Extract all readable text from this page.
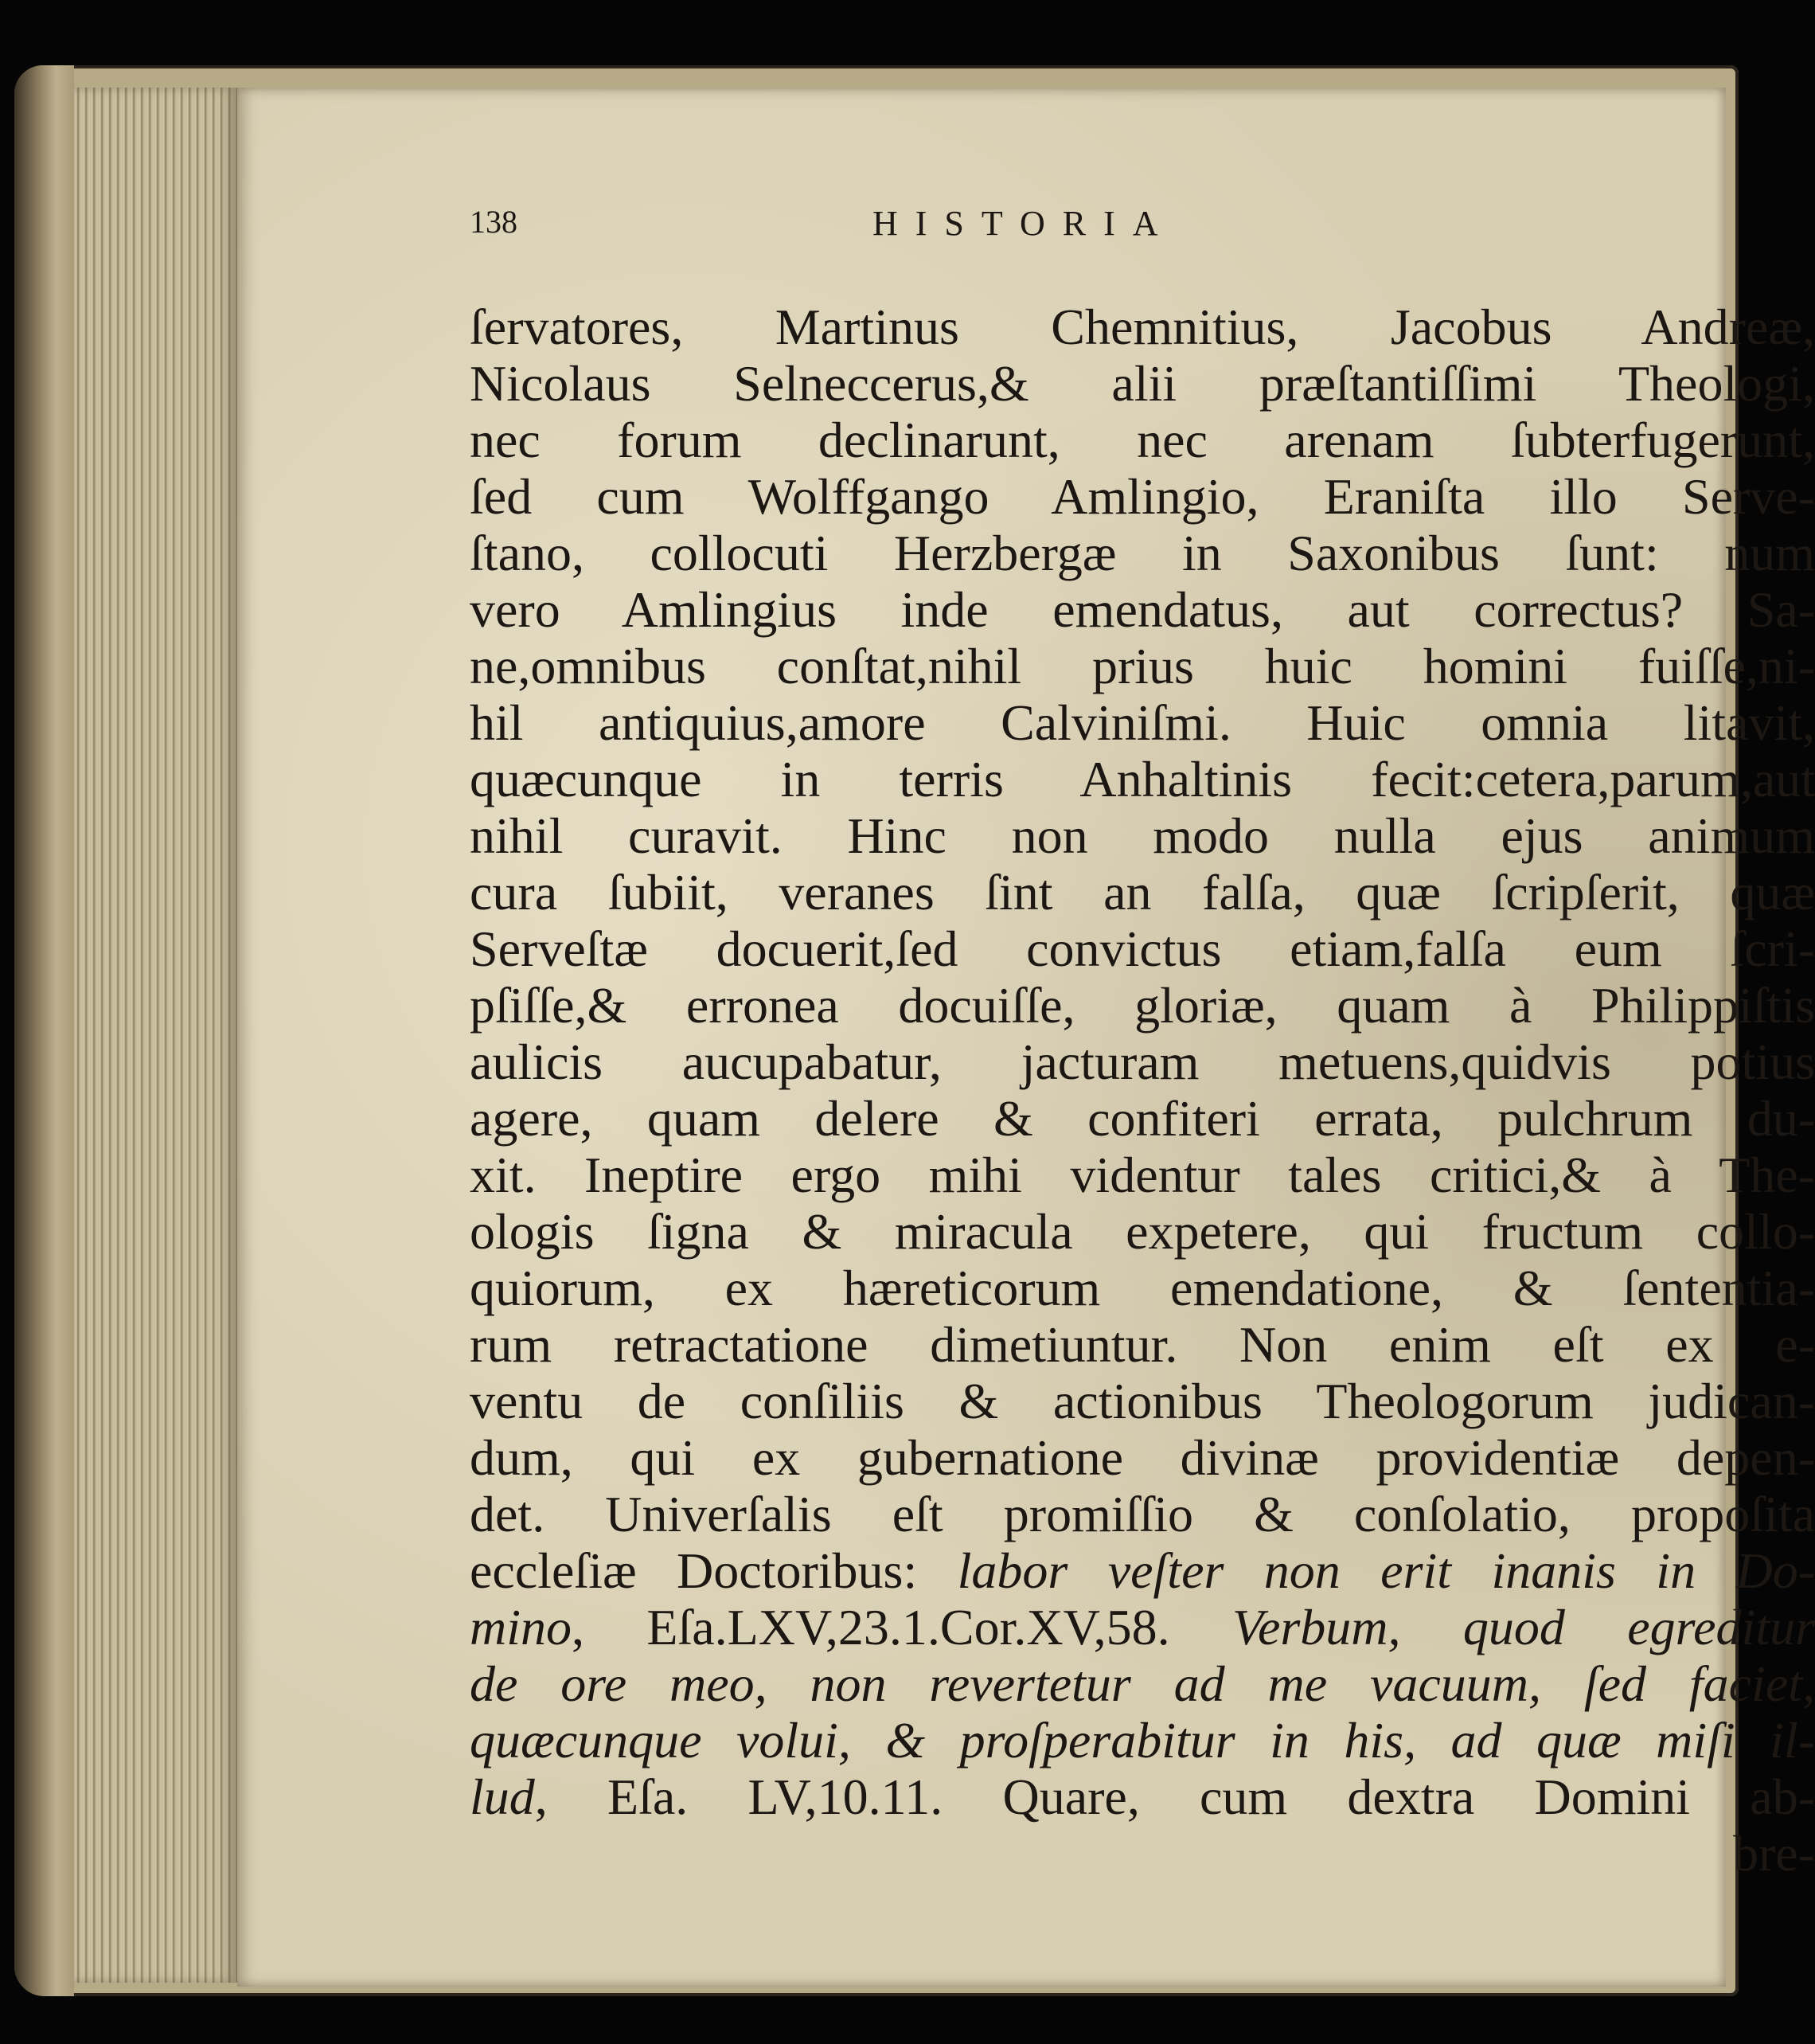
138	HISTORIA
ſervatores, Martinus Chemnitius, Jacobus Andreæ,
Nicolaus Selneccerus,& alii præſtantiſſimi Theologi,
nec forum declinarunt, nec arenam ſubterfugerunt,
ſed cum Wolffgango Amlingio, Eraniſta illo Serve-
ſtano, collocuti Herzbergæ in Saxonibus ſunt: num
vero Amlingius inde emendatus, aut correctus? Sa-
ne,omnibus conſtat,nihil prius huic homini fuiſſe,ni-
hil antiquius,amore Calviniſmi. Huic omnia litavit,
quæcunque in terris Anhaltinis fecit:cetera,parum,aut
nihil curavit. Hinc non modo nulla ejus animum
cura ſubiit, veranes ſint an falſa, quæ ſcripſerit, quæ
Serveſtæ docuerit,ſed convictus etiam,falſa eum ſcri-
pſiſſe,& erronea docuiſſe, gloriæ, quam à Philippiſtis
aulicis aucupabatur, jacturam metuens,quidvis potius
agere, quam delere & confiteri errata, pulchrum du-
xit. Ineptire ergo mihi videntur tales critici,& à The-
ologis ſigna & miracula expetere, qui fructum collo-
quiorum, ex hæreticorum emendatione, & ſententia-
rum retractatione dimetiuntur. Non enim eſt ex e-
ventu de conſiliis & actionibus Theologorum judican-
dum, qui ex gubernatione divinæ providentiæ depen-
det. Univerſalis eſt promiſſio & conſolatio, propoſita
eccleſiæ Doctoribus: labor veſter non erit inanis in Do-
mino, Eſa.LXV,23.1.Cor.XV,58. Verbum, quod egreditur
de ore meo, non revertetur ad me vacuum, ſed faciet,
quæcunque volui, & proſperabitur in his, ad quæ miſi il-
lud, Eſa. LV,10.11. Quare, cum dextra Domini ab-
bre-
